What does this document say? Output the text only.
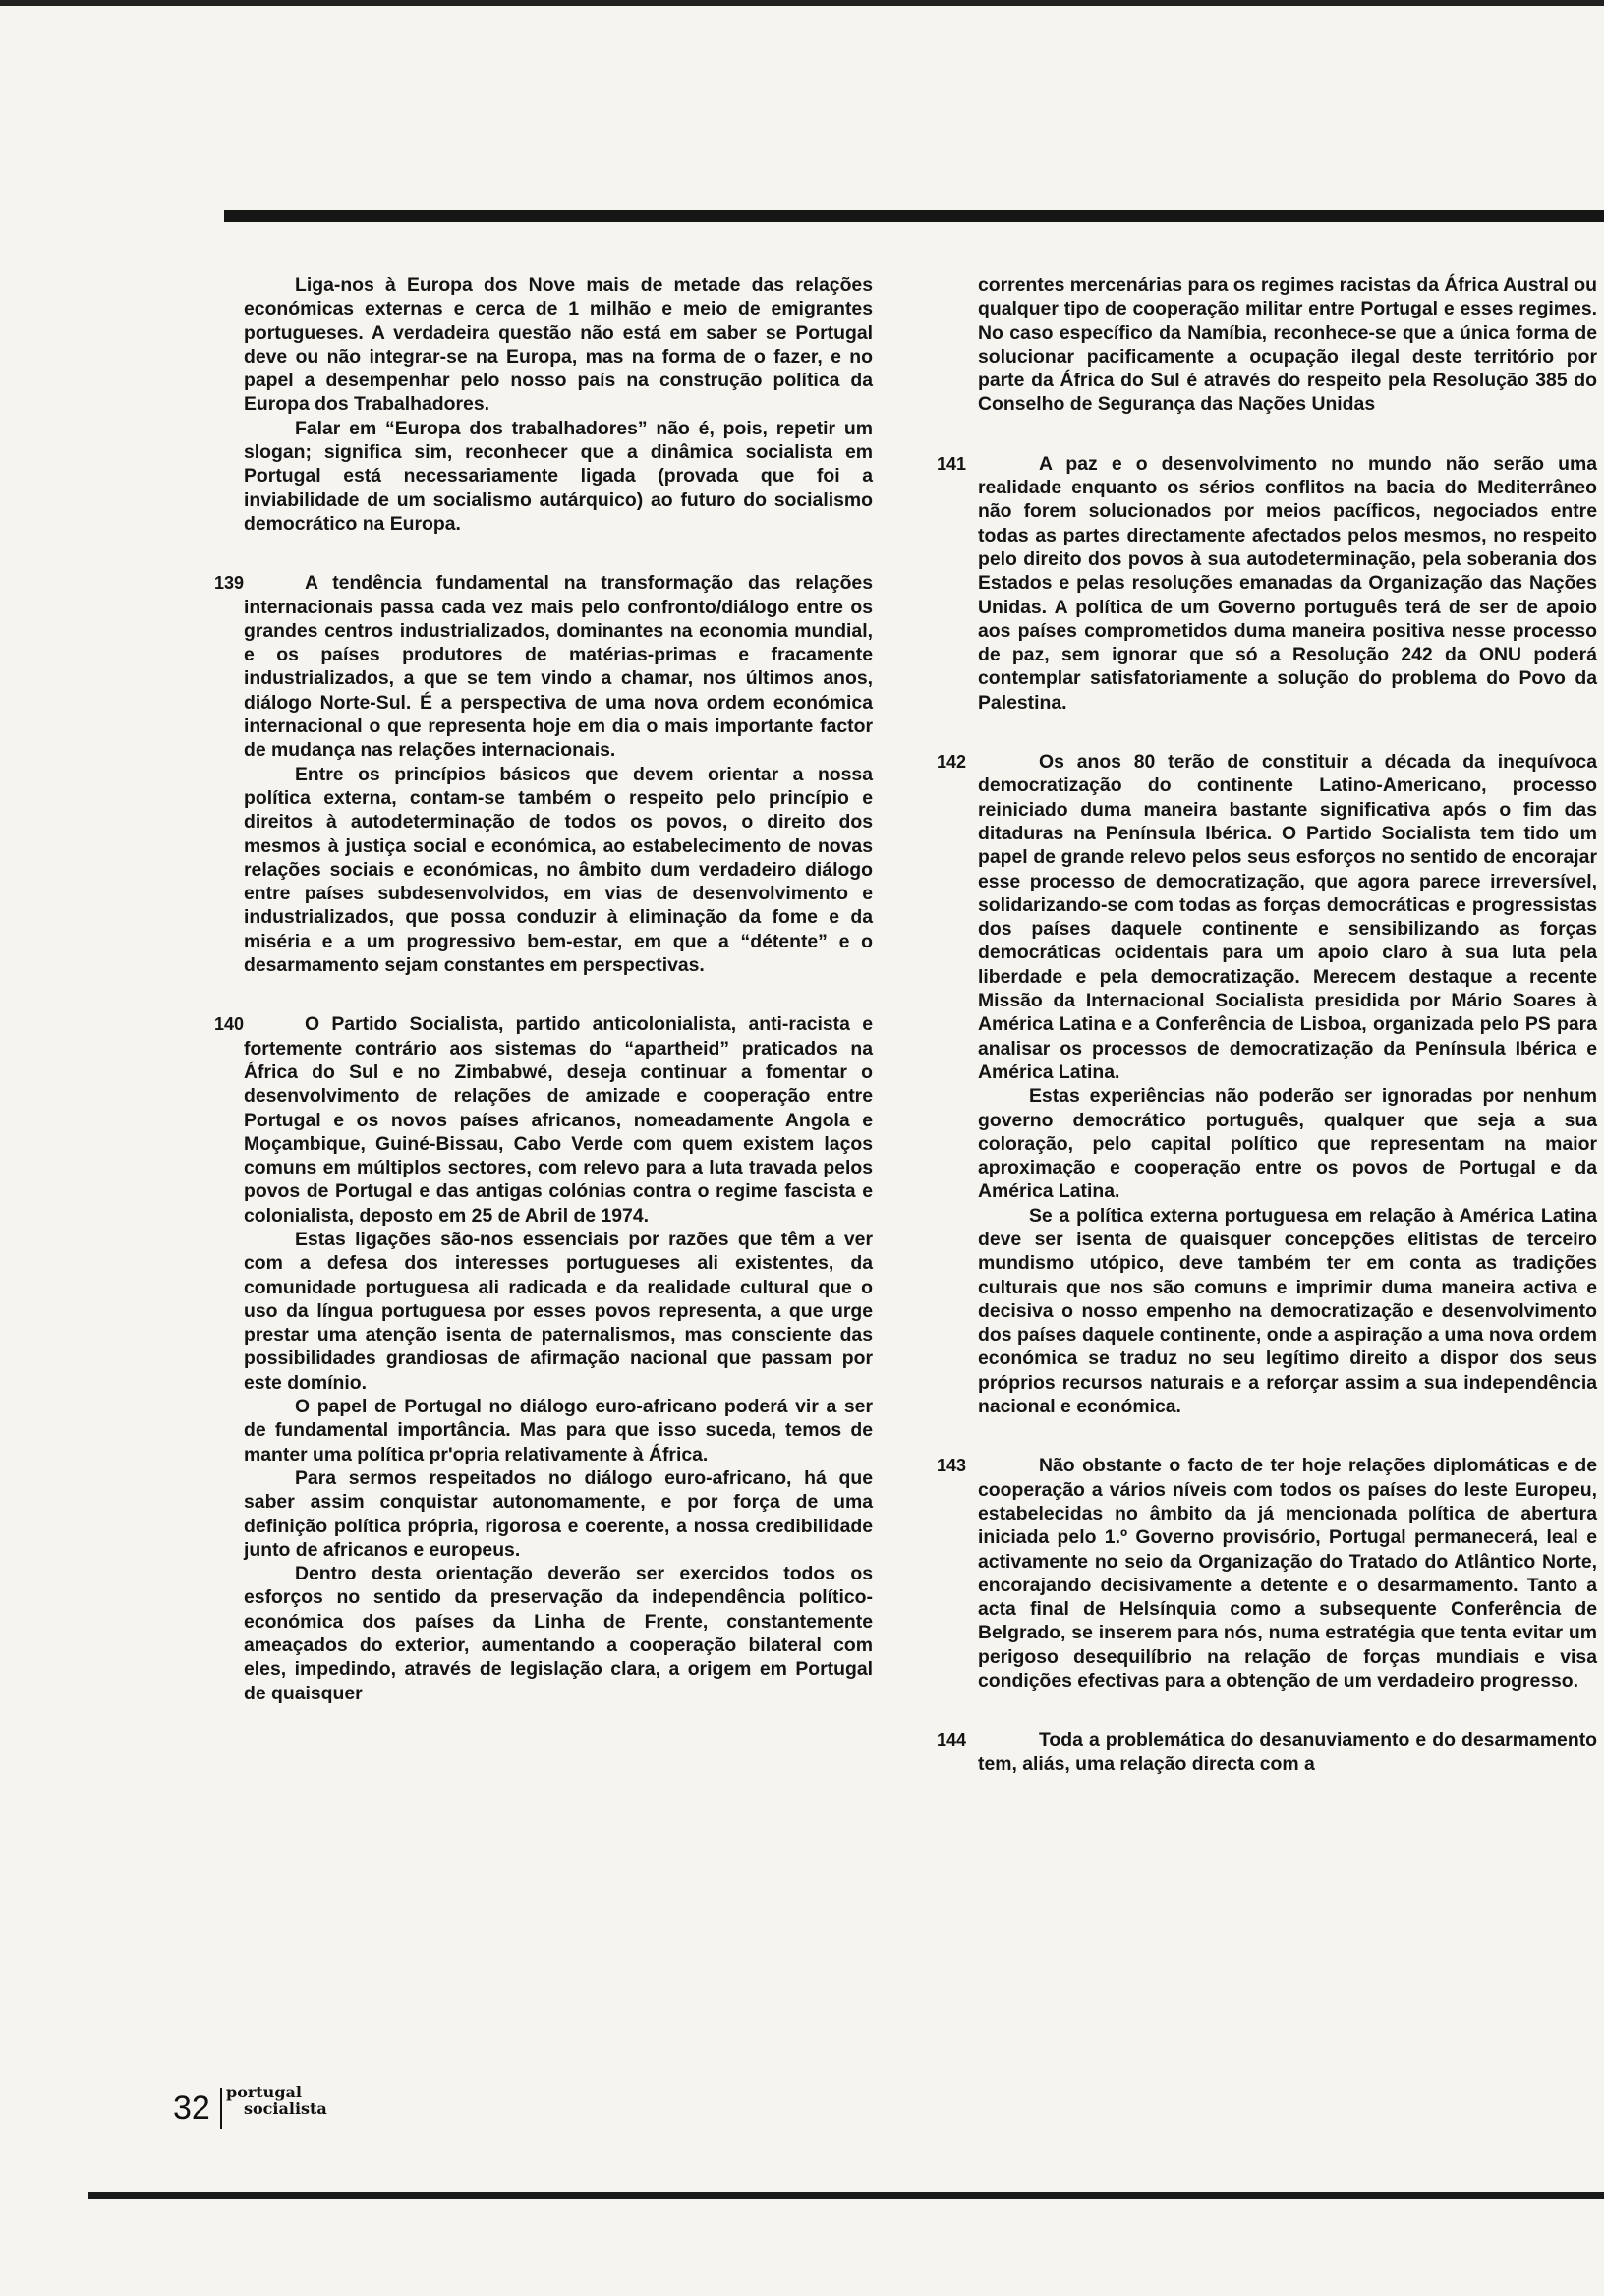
Liga-nos à Europa dos Nove mais de metade das relações económicas externas e cerca de 1 milhão e meio de emigrantes portugueses. A verdadeira questão não está em saber se Portugal deve ou não integrar-se na Europa, mas na forma de o fazer, e no papel a desempenhar pelo nosso país na construção política da Europa dos Trabalhadores.

Falar em “Europa dos trabalhadores” não é, pois, repetir um slogan; significa sim, reconhecer que a dinâmica socialista em Portugal está necessariamente ligada (provada que foi a inviabilidade de um socialismo autárquico) ao futuro do socialismo democrático na Europa.

139	A tendência fundamental na transformação das relações internacionais passa cada vez mais pelo confronto/diálogo entre os grandes centros industrializados, dominantes na economia mundial, e os países produtores de matérias-primas e fracamente industrializados, a que se tem vindo a chamar, nos últimos anos, diálogo Norte-Sul. É a perspectiva de uma nova ordem económica internacional o que representa hoje em dia o mais importante factor de mudança nas relações internacionais.

Entre os princípios básicos que devem orientar a nossa política externa, contam-se também o respeito pelo princípio e direitos à autodeterminação de todos os povos, o direito dos mesmos à justiça social e económica, ao estabelecimento de novas relações sociais e económicas, no âmbito dum verdadeiro diálogo entre países subdesenvolvidos, em vias de desenvolvimento e industrializados, que possa conduzir à eliminação da fome e da miséria e a um progressivo bem-estar, em que a “détente” e o desarmamento sejam constantes em perspectivas.

140	O Partido Socialista, partido anticolonialista, anti-racista e fortemente contrário aos sistemas do “apartheid” praticados na África do Sul e no Zimbabwé, deseja continuar a fomentar o desenvolvimento de relações de amizade e cooperação entre Portugal e os novos países africanos, nomeadamente Angola e Moçambique, Guiné-Bissau, Cabo Verde com quem existem laços comuns em múltiplos sectores, com relevo para a luta travada pelos povos de Portugal e das antigas colónias contra o regime fascista e colonialista, deposto em 25 de Abril de 1974.

Estas ligações são-nos essenciais por razões que têm a ver com a defesa dos interesses portugueses ali existentes, da comunidade portuguesa ali radicada e da realidade cultural que o uso da língua portuguesa por esses povos representa, a que urge prestar uma atenção isenta de paternalismos, mas consciente das possibilidades grandiosas de afirmação nacional que passam por este domínio.

O papel de Portugal no diálogo euro-africano poderá vir a ser de fundamental importância. Mas para que isso suceda, temos de manter uma política pr'opria relativamente à África.

Para sermos respeitados no diálogo euro-africano, há que saber assim conquistar autonomamente, e por força de uma definição política própria, rigorosa e coerente, a nossa credibilidade junto de africanos e europeus.

Dentro desta orientação deverão ser exercidos todos os esforços no sentido da preservação da independência político-económica dos países da Linha de Frente, constantemente ameaçados do exterior, aumentando a cooperação bilateral com eles, impedindo, através de legislação clara, a origem em Portugal de quaisquer

correntes mercenárias para os regimes racistas da África Austral ou qualquer tipo de cooperação militar entre Portugal e esses regimes. No caso específico da Namíbia, reconhece-se que a única forma de solucionar pacificamente a ocupação ilegal deste território por parte da África do Sul é através do respeito pela Resolução 385 do Conselho de Segurança das Nações Unidas

141	A paz e o desenvolvimento no mundo não serão uma realidade enquanto os sérios conflitos na bacia do Mediterrâneo não forem solucionados por meios pacíficos, negociados entre todas as partes directamente afectados pelos mesmos, no respeito pelo direito dos povos à sua autodeterminação, pela soberania dos Estados e pelas resoluções emanadas da Organização das Nações Unidas. A política de um Governo português terá de ser de apoio aos países comprometidos duma maneira positiva nesse processo de paz, sem ignorar que só a Resolução 242 da ONU poderá contemplar satisfatoriamente a solução do problema do Povo da Palestina.

142	Os anos 80 terão de constituir a década da inequívoca democratização do continente Latino-Americano, processo reiniciado duma maneira bastante significativa após o fim das ditaduras na Península Ibérica. O Partido Socialista tem tido um papel de grande relevo pelos seus esforços no sentido de encorajar esse processo de democratização, que agora parece irreversível, solidarizando-se com todas as forças democráticas e progressistas dos países daquele continente e sensibilizando as forças democráticas ocidentais para um apoio claro à sua luta pela liberdade e pela democratização. Merecem destaque a recente Missão da Internacional Socialista presidida por Mário Soares à América Latina e a Conferência de Lisboa, organizada pelo PS para analisar os processos de democratização da Península Ibérica e América Latina.

Estas experiências não poderão ser ignoradas por nenhum governo democrático português, qualquer que seja a sua coloração, pelo capital político que representam na maior aproximação e cooperação entre os povos de Portugal e da América Latina.

Se a política externa portuguesa em relação à América Latina deve ser isenta de quaisquer concepções elitistas de terceiro mundismo utópico, deve também ter em conta as tradições culturais que nos são comuns e imprimir duma maneira activa e decisiva o nosso empenho na democratização e desenvolvimento dos países daquele continente, onde a aspiração a uma nova ordem económica se traduz no seu legítimo direito a dispor dos seus próprios recursos naturais e a reforçar assim a sua independência nacional e económica.

143	Não obstante o facto de ter hoje relações diplomáticas e de cooperação a vários níveis com todos os países do leste Europeu, estabelecidas no âmbito da já mencionada política de abertura iniciada pelo 1.º Governo provisório, Portugal permanecerá, leal e activamente no seio da Organização do Tratado do Atlântico Norte, encorajando decisivamente a detente e o desarmamento. Tanto a acta final de Helsínquia como a subsequente Conferência de Belgrado, se inserem para nós, numa estratégia que tenta evitar um perigoso desequilíbrio na relação de forças mundiais e visa condições efectivas para a obtenção de um verdadeiro progresso.

144	Toda a problemática do desanuviamento e do desarmamento tem, aliás, uma relação directa com a

32 portugal
socialista
